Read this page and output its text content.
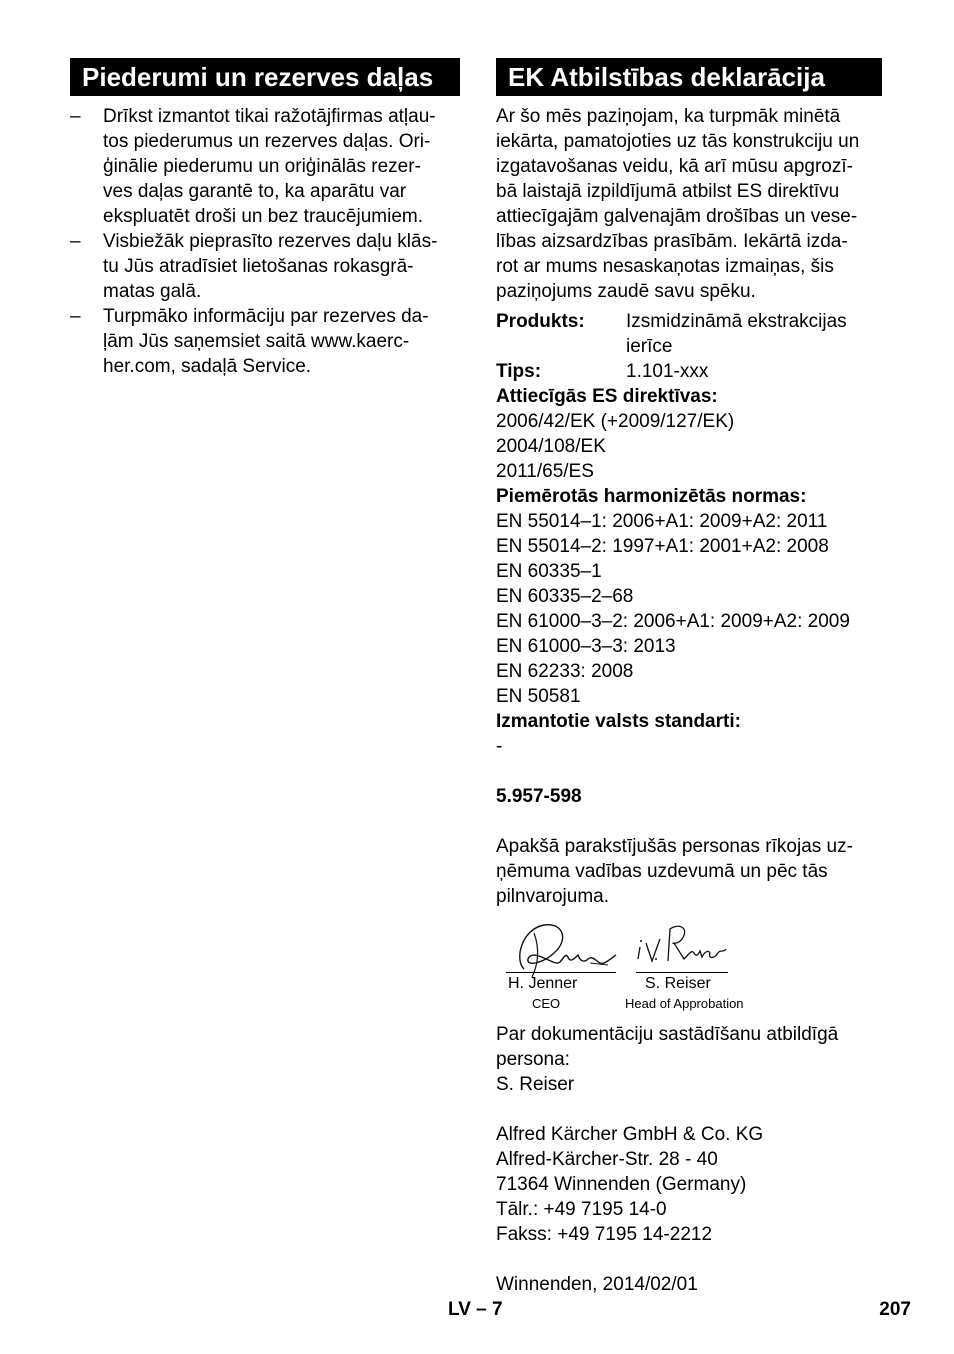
Piederumi un rezerves daļas
– Drīkst izmantot tikai ražotājfirmas atļau-
tos piederumus un rezerves daļas. Ori-
ģinālie piederumu un oriģinālās rezer-
ves daļas garantē to, ka aparātu var
ekspluatēt droši un bez traucējumiem.
– Visbiežāk pieprasīto rezerves daļu klās-
tu Jūs atradīsiet lietošanas rokasgrā-
matas galā.
– Turpmāko informāciju par rezerves da-
ļām Jūs saņemsiet saitā www.kaerc-
her.com, sadaļā Service.
EK Atbilstības deklarācija
Ar šo mēs paziņojam, ka turpmāk minētā
iekārta, pamatojoties uz tās konstrukciju un
izgatavošanas veidu, kā arī mūsu apgrozī-
bā laistajā izpildījumā atbilst ES direktīvu
attiecīgajām galvenajām drošības un vese-
lības aizsardzības prasībām. Iekārtā izda-
rot ar mums nesaskaņotas izmaiņas, šis
paziņojums zaudē savu spēku.
Produkts:	Izsmidzināmā ekstrakcijas
ierīce
Tips:	1.101-xxx
Attiecīgās ES direktīvas:
2006/42/EK (+2009/127/EK)
2004/108/EK
2011/65/ES
Piemērotās harmonizētās normas:
EN 55014–1: 2006+A1: 2009+A2: 2011
EN 55014–2: 1997+A1: 2001+A2: 2008
EN 60335–1
EN 60335–2–68
EN 61000–3–2: 2006+A1: 2009+A2: 2009
EN 61000–3–3: 2013
EN 62233: 2008
EN 50581
Izmantotie valsts standarti:
-
5.957-598
Apakšā parakstījušās personas rīkojas uz-
ņēmuma vadības uzdevumā un pēc tās
pilnvarojuma.
H. Jenner
CEO
S. Reiser
Head of Approbation
Par dokumentāciju sastādīšanu atbildīgā
persona:
S. Reiser
Alfred Kärcher GmbH & Co. KG
Alfred-Kärcher-Str. 28 - 40
71364 Winnenden (Germany)
Tālr.: +49 7195 14-0
Fakss: +49 7195 14-2212
Winnenden, 2014/02/01
LV – 7	207
